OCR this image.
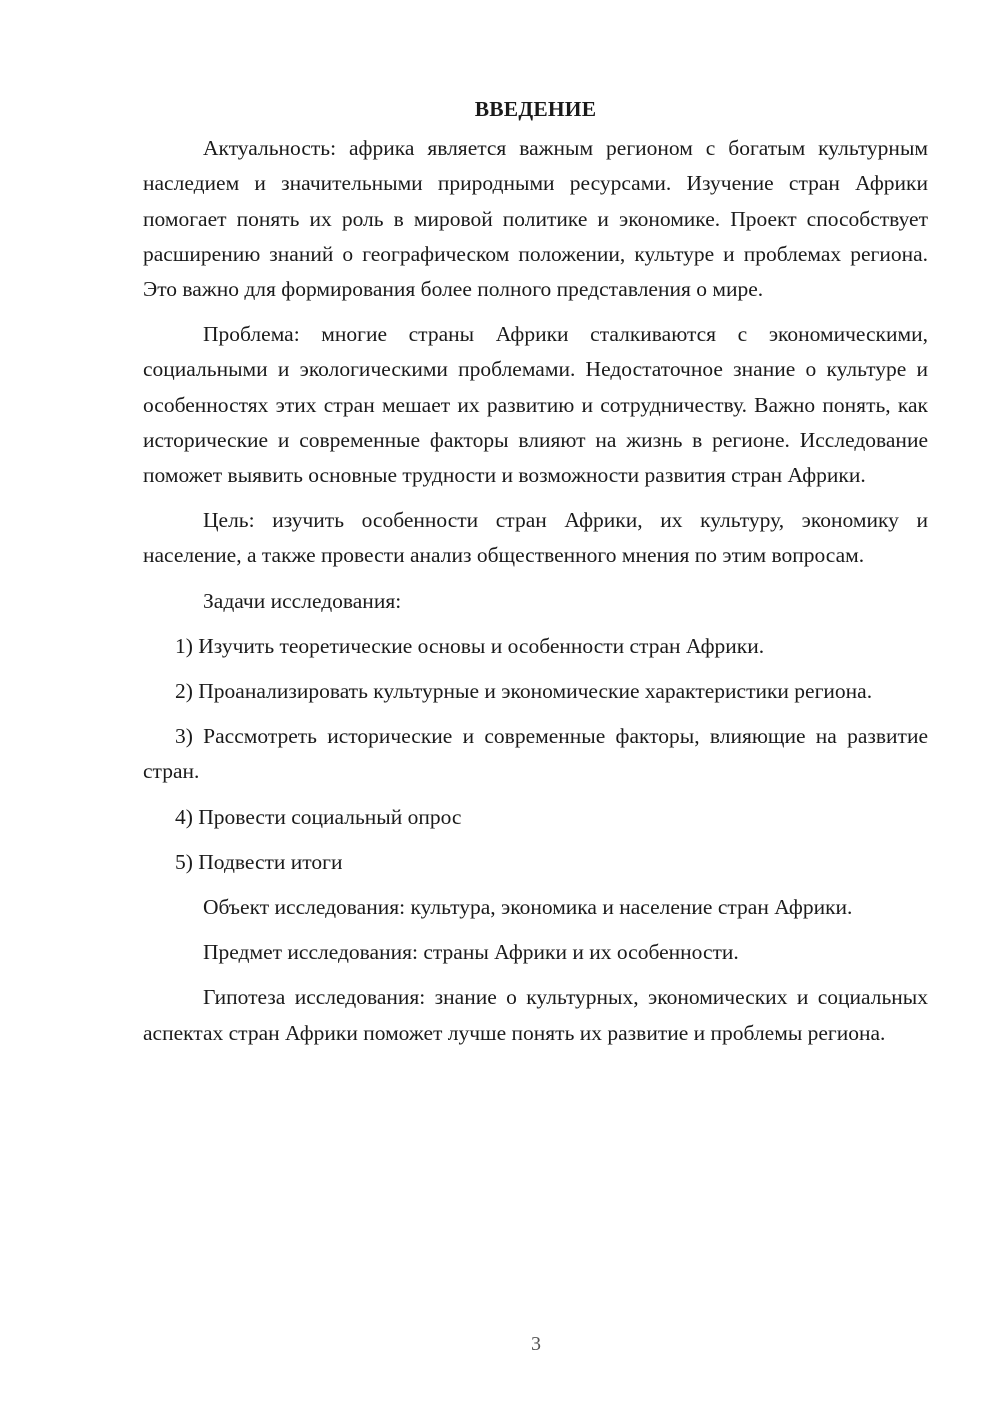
ВВЕДЕНИЕ

Актуальность: африка является важным регионом с богатым культурным наследием и значительными природными ресурсами. Изучение стран Африки помогает понять их роль в мировой политике и экономике. Проект способствует расширению знаний о географическом положении, культуре и проблемах региона. Это важно для формирования более полного представления о мире.

Проблема: многие страны Африки сталкиваются с экономическими, социальными и экологическими проблемами. Недостаточное знание о культуре и особенностях этих стран мешает их развитию и сотрудничеству. Важно понять, как исторические и современные факторы влияют на жизнь в регионе. Исследование поможет выявить основные трудности и возможности развития стран Африки.

Цель: изучить особенности стран Африки, их культуру, экономику и население, а также провести анализ общественного мнения по этим вопросам.

Задачи исследования:

1) Изучить теоретические основы и особенности стран Африки.

2) Проанализировать культурные и экономические характеристики региона.

3) Рассмотреть исторические и современные факторы, влияющие на развитие стран.

4) Провести социальный опрос

5) Подвести итоги

Объект исследования: культура, экономика и население стран Африки.

Предмет исследования: страны Африки и их особенности.

Гипотеза исследования: знание о культурных, экономических и социальных аспектах стран Африки поможет лучше понять их развитие и проблемы региона.

3
